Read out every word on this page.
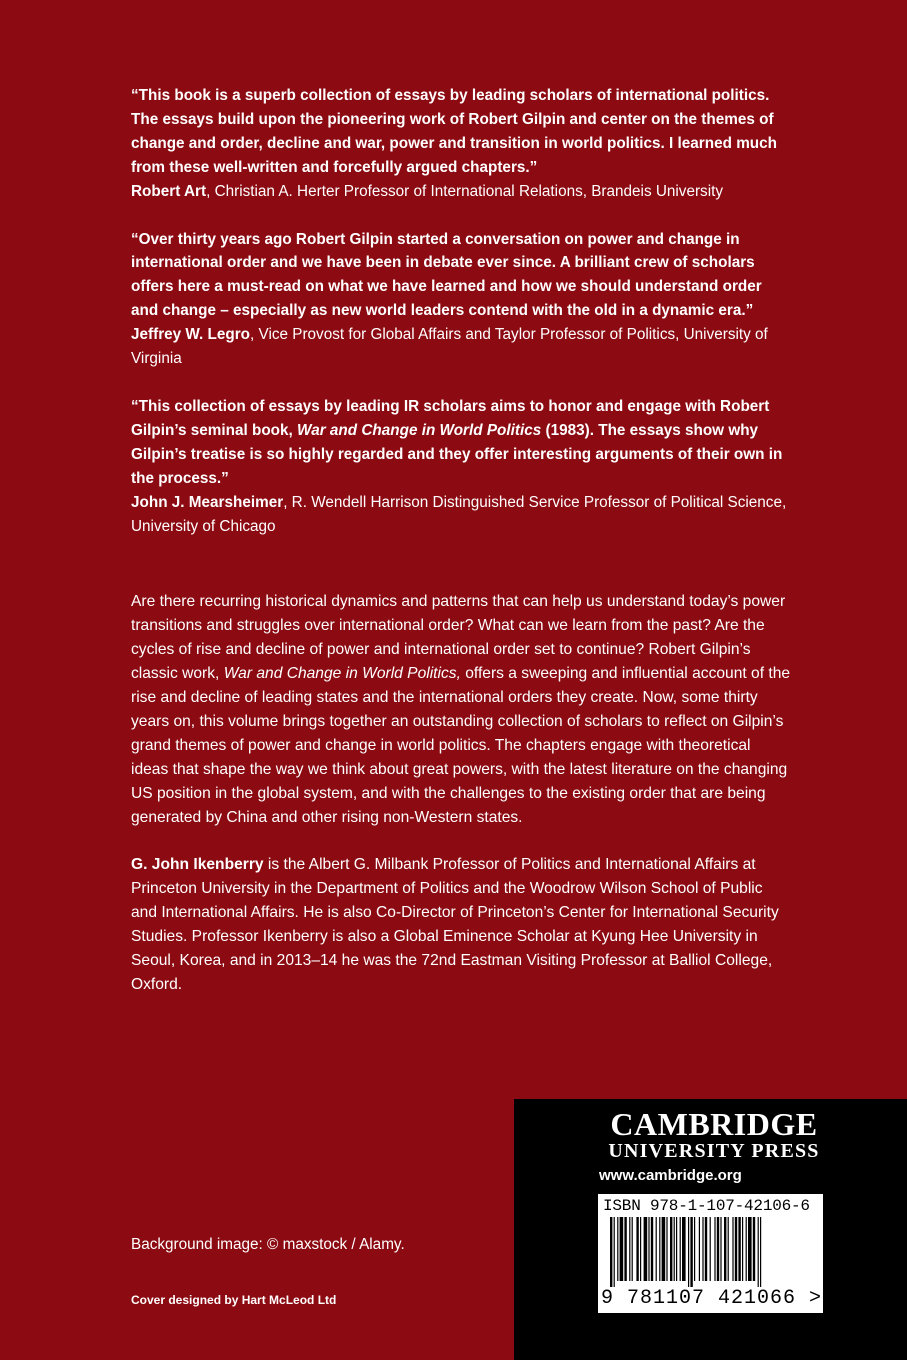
“This book is a superb collection of essays by leading scholars of international politics. The essays build upon the pioneering work of Robert Gilpin and center on the themes of change and order, decline and war, power and transition in world politics. I learned much from these well-written and forcefully argued chapters.”

Robert Art, Christian A. Herter Professor of International Relations, Brandeis University

“Over thirty years ago Robert Gilpin started a conversation on power and change in international order and we have been in debate ever since. A brilliant crew of scholars offers here a must-read on what we have learned and how we should understand order and change – especially as new world leaders contend with the old in a dynamic era.”

Jeffrey W. Legro, Vice Provost for Global Affairs and Taylor Professor of Politics, University of Virginia

“This collection of essays by leading IR scholars aims to honor and engage with Robert Gilpin’s seminal book, War and Change in World Politics (1983). The essays show why Gilpin’s treatise is so highly regarded and they offer interesting arguments of their own in the process.”

John J. Mearsheimer, R. Wendell Harrison Distinguished Service Professor of Political Science, University of Chicago

Are there recurring historical dynamics and patterns that can help us understand today’s power transitions and struggles over international order? What can we learn from the past? Are the cycles of rise and decline of power and international order set to continue? Robert Gilpin’s classic work, War and Change in World Politics, offers a sweeping and influential account of the rise and decline of leading states and the international orders they create. Now, some thirty years on, this volume brings together an outstanding collection of scholars to reflect on Gilpin’s grand themes of power and change in world politics. The chapters engage with theoretical ideas that shape the way we think about great powers, with the latest literature on the changing US position in the global system, and with the challenges to the existing order that are being generated by China and other rising non-Western states.

G. John Ikenberry is the Albert G. Milbank Professor of Politics and International Affairs at Princeton University in the Department of Politics and the Woodrow Wilson School of Public and International Affairs. He is also Co-Director of Princeton’s Center for International Security Studies. Professor Ikenberry is also a Global Eminence Scholar at Kyung Hee University in Seoul, Korea, and in 2013–14 he was the 72nd Eastman Visiting Professor at Balliol College, Oxford.

Background image: © maxstock / Alamy.
Cover designed by Hart McLeod Ltd
CAMBRIDGE
UNIVERSITY PRESS
www.cambridge.org
ISBN 978-1-107-42106-6
9 781107 421066 >
